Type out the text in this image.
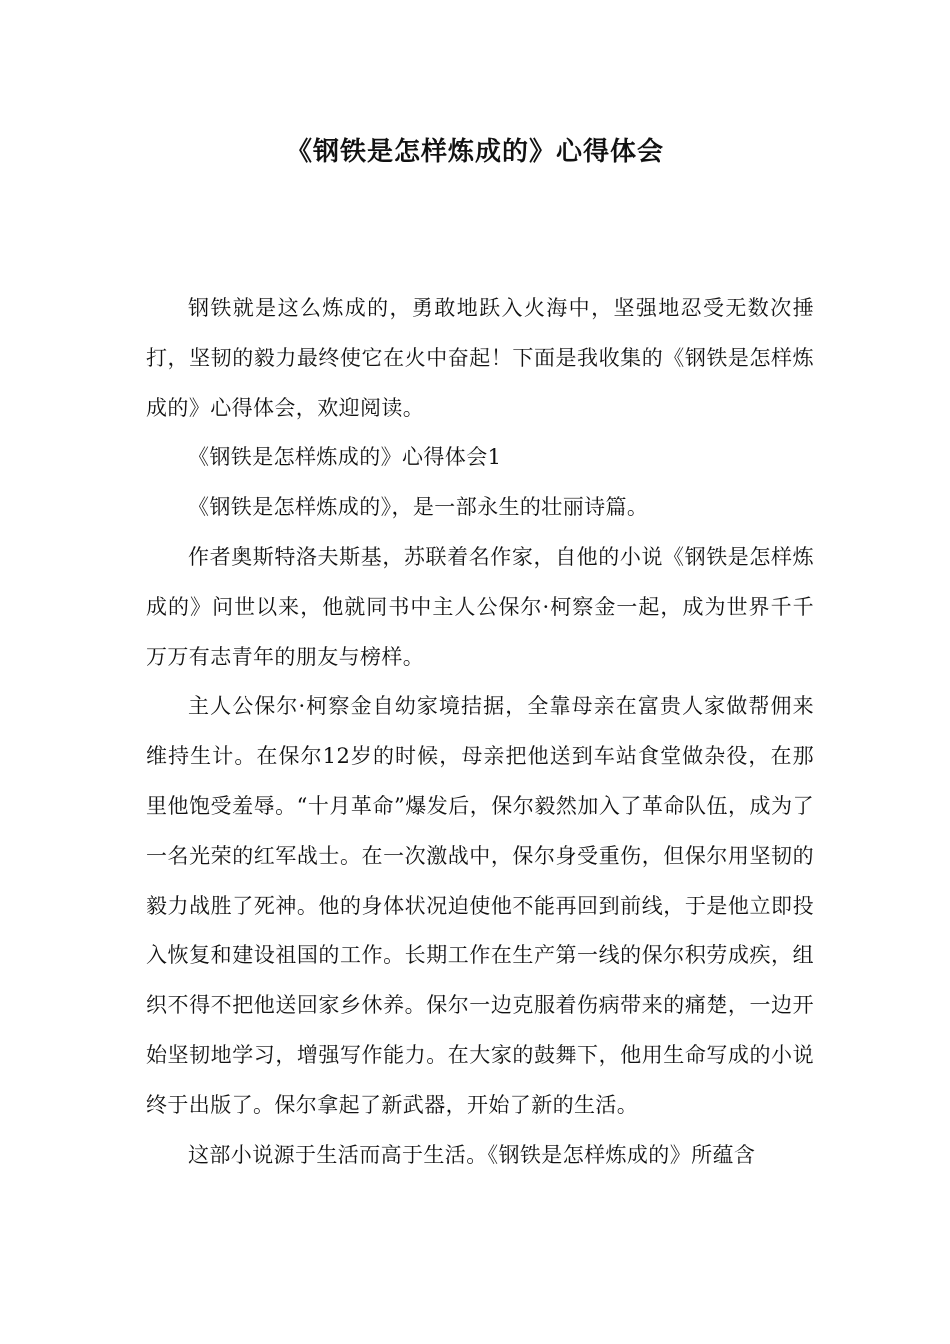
《钢铁是怎样炼成的》心得体会

钢铁就是这么炼成的，勇敢地跃入火海中，坚强地忍受无数次捶打，坚韧的毅力最终使它在火中奋起！下面是我收集的《钢铁是怎样炼成的》心得体会，欢迎阅读。

《钢铁是怎样炼成的》心得体会1

《钢铁是怎样炼成的》，是一部永生的壮丽诗篇。

作者奥斯特洛夫斯基，苏联着名作家，自他的小说《钢铁是怎样炼成的》问世以来，他就同书中主人公保尔·柯察金一起，成为世界千千万万有志青年的朋友与榜样。

主人公保尔·柯察金自幼家境拮据，全靠母亲在富贵人家做帮佣来维持生计。在保尔12岁的时候，母亲把他送到车站食堂做杂役，在那里他饱受羞辱。“十月革命”爆发后，保尔毅然加入了革命队伍，成为了一名光荣的红军战士。在一次激战中，保尔身受重伤，但保尔用坚韧的毅力战胜了死神。他的身体状况迫使他不能再回到前线，于是他立即投入恢复和建设祖国的工作。长期工作在生产第一线的保尔积劳成疾，组织不得不把他送回家乡休养。保尔一边克服着伤病带来的痛楚，一边开始坚韧地学习，增强写作能力。在大家的鼓舞下，他用生命写成的小说终于出版了。保尔拿起了新武器，开始了新的生活。

这部小说源于生活而高于生活。《钢铁是怎样炼成的》所蕴含
